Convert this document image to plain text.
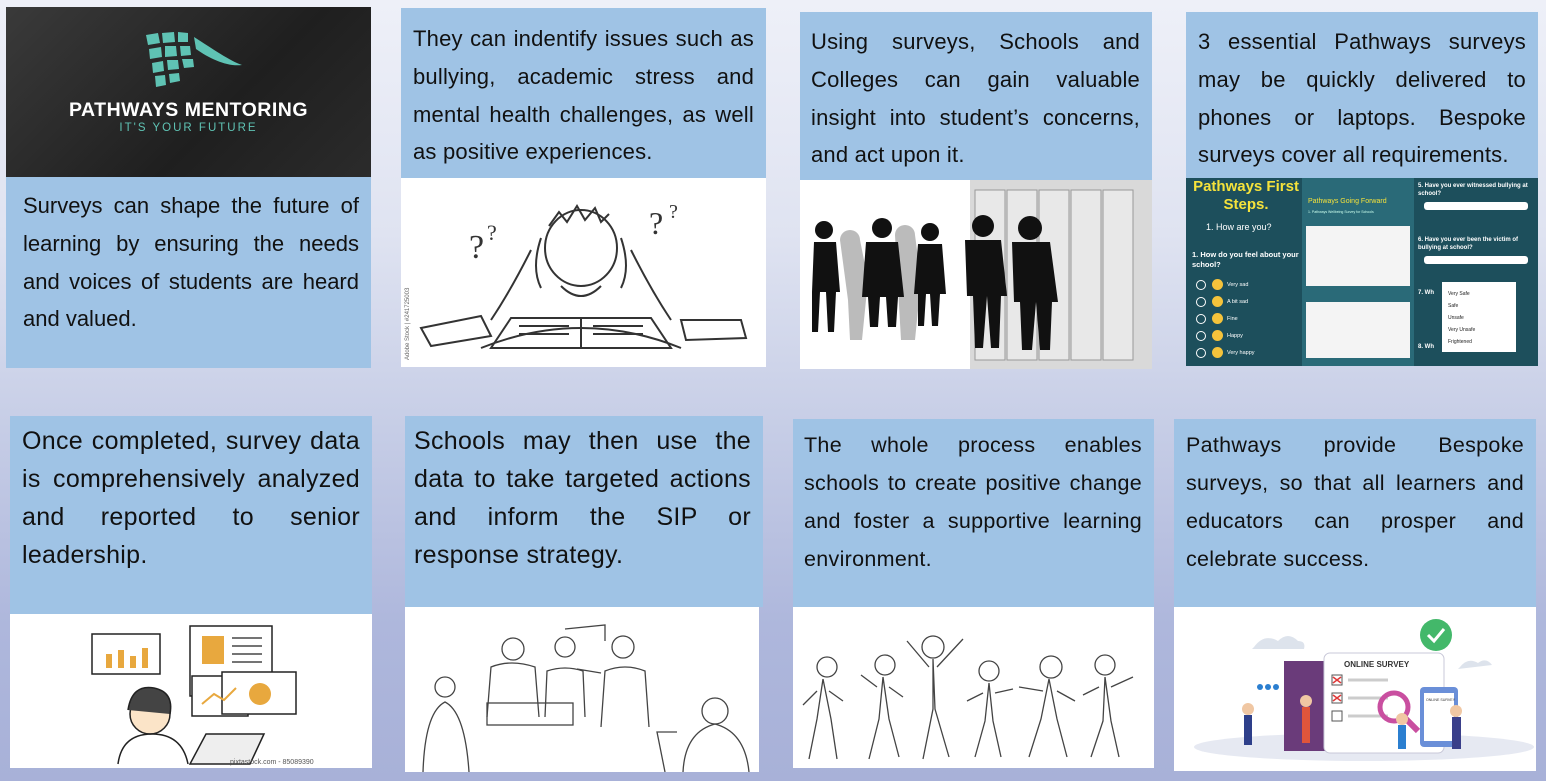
PATHWAYS MENTORING
IT'S YOUR FUTURE
Surveys can shape the future of learning by ensuring the needs and voices of students are heard and valued.
They can indentify issues such as bullying, academic stress and mental health challenges, as well as positive experiences.
? ?	? ?
Adobe Stock | #241725003
Using surveys, Schools and Colleges can gain valuable insight into student’s concerns, and act upon it.
3 essential Pathways surveys may be quickly delivered to phones or laptops. Bespoke surveys cover all requirements.
Pathways First Steps.
1. How are you?
1. How do you feel about your school?
Very sad
A bit sad
Fine
Happy
Very happy
Pathways Going Forward
1. Pathways Wellbeing Survey for Schools
5. Have you ever witnessed bullying at school?
6. Have you ever been the victim of bullying at school?
7. Wh
8. Wh
Very Safe
Safe
Unsafe
Very Unsafe
Frightened
Once completed, survey data is comprehensively analyzed and reported to senior leadership.
pixtastock.com - 85089390
Schools may then use the data to take targeted actions and inform the SIP or response strategy.
The whole process enables schools to create positive change and foster a supportive learning environment.
Pathways provide Bespoke surveys, so that all learners and educators can prosper and celebrate success.
ONLINE SURVEY
ONLINE SURVEY
